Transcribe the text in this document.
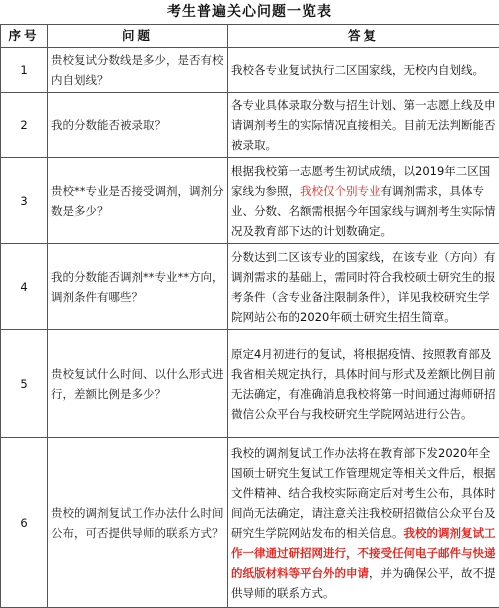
考生普遍关心问题一览表
序号	问题	答复
1	贵校复试分数线是多少，是否有校内自划线？	我校各专业复试执行二区国家线，无校内自划线。
2	我的分数能否被录取？	各专业具体录取分数与招生计划、第一志愿上线及申请调剂考生的实际情况直接相关。目前无法判断能否被录取。
3	贵校**专业是否接受调剂，调剂分数是多少？	根据我校第一志愿考生初试成绩，以2019年二区国家线为参照，我校仅个别专业有调剂需求，具体专业、分数、名额需根据今年国家线与调剂考生实际情况及教育部下达的计划数确定。
4	我的分数能否调剂**专业**方向，调剂条件有哪些？	分数达到二区该专业的国家线，在该专业（方向）有调剂需求的基础上，需同时符合我校硕士研究生的报考条件（含专业备注限制条件），详见我校研究生学院网站公布的2020年硕士研究生招生简章。
5	贵校复试什么时间、以什么形式进行，差额比例是多少？	原定4月初进行的复试，将根据疫情、按照教育部及我省相关规定执行，具体时间与形式及差额比例目前无法确定，有准确消息我校将第一时间通过海师研招微信公众平台与我校研究生学院网站进行公告。
6	贵校的调剂复试工作办法什么时间公布，可否提供导师的联系方式？	我校的调剂复试工作办法将在教育部下发2020年全国硕士研究生复试工作管理规定等相关文件后，根据文件精神、结合我校实际商定后对考生公布，具体时间尚无法确定，请注意关注我校研招微信公众平台及研究生学院网站发布的相关信息。我校的调剂复试工作一律通过研招网进行，不接受任何电子邮件与快递的纸版材料等平台外的申请，并为确保公平，故不提供导师的联系方式。
